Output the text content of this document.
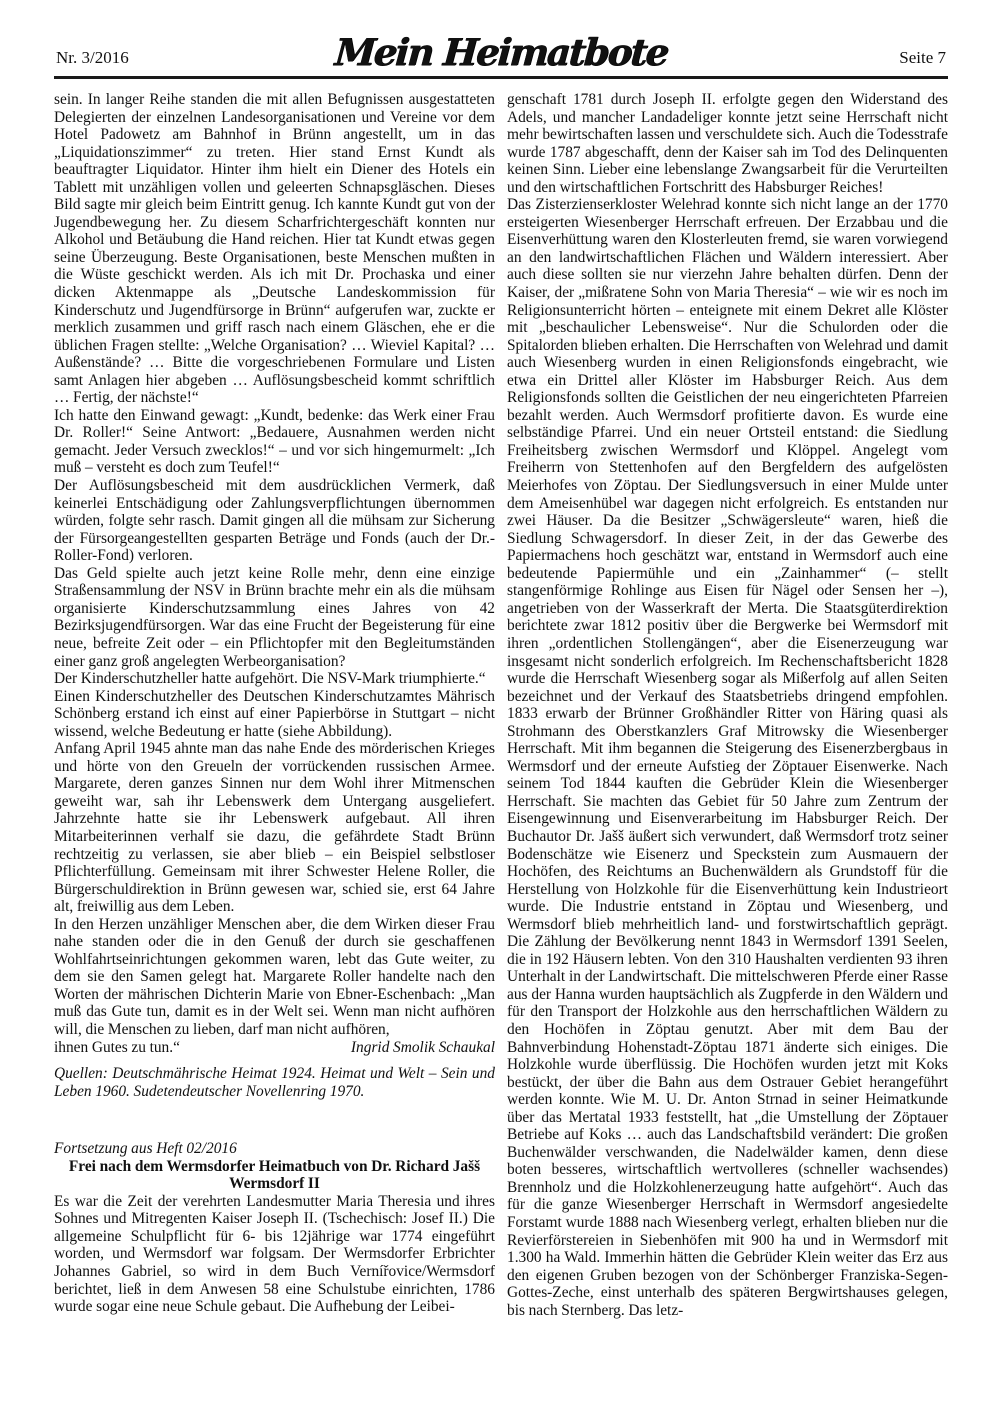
Nr. 3/2016	Mein Heimatbote	Seite 7

sein. In langer Reihe standen die mit allen Befugnissen ausgestatteten Delegierten der einzelnen Landesorganisationen und Vereine vor dem Hotel Padowetz am Bahnhof in Brünn angestellt, um in das „Liquidationszimmer“ zu treten. Hier stand Ernst Kundt als beauftragter Liquidator. Hinter ihm hielt ein Diener des Hotels ein Tablett mit unzähligen vollen und geleerten Schnapsgläschen. Dieses Bild sagte mir gleich beim Eintritt genug. Ich kannte Kundt gut von der Jugendbewegung her. Zu diesem Scharfrichtergeschäft konnten nur Alkohol und Betäubung die Hand reichen. Hier tat Kundt etwas gegen seine Überzeugung. Beste Organisationen, beste Menschen mußten in die Wüste geschickt werden. Als ich mit Dr. Prochaska und einer dicken Aktenmappe als „Deutsche Landeskommission für Kinderschutz und Jugendfürsorge in Brünn“ aufgerufen war, zuckte er merklich zusammen und griff rasch nach einem Gläschen, ehe er die üblichen Fragen stellte: „Welche Organisation? … Wieviel Kapital? … Außenstände? … Bitte die vorgeschriebenen Formulare und Listen samt Anlagen hier abgeben … Auflösungsbescheid kommt schriftlich … Fertig, der nächste!“

Ich hatte den Einwand gewagt: „Kundt, bedenke: das Werk einer Frau Dr. Roller!“ Seine Antwort: „Bedauere, Ausnahmen werden nicht gemacht. Jeder Versuch zwecklos!“ – und vor sich hingemurmelt: „Ich muß – versteht es doch zum Teufel!“

Der Auflösungsbescheid mit dem ausdrücklichen Vermerk, daß keinerlei Entschädigung oder Zahlungsverpflichtungen übernommen würden, folgte sehr rasch. Damit gingen all die mühsam zur Sicherung der Fürsorgeangestellten gesparten Beträge und Fonds (auch der Dr.-Roller-Fond) verloren.

Das Geld spielte auch jetzt keine Rolle mehr, denn eine einzige Straßensammlung der NSV in Brünn brachte mehr ein als die mühsam organisierte Kinderschutzsammlung eines Jahres von 42 Bezirksjugendfürsorgen. War das eine Frucht der Begeisterung für eine neue, befreite Zeit oder – ein Pflichtopfer mit den Begleitumständen einer ganz groß angelegten Werbeorganisation?

Der Kinderschutzheller hatte aufgehört. Die NSV-Mark triumphierte.“

Einen Kinderschutzheller des Deutschen Kinderschutzamtes Mährisch Schönberg erstand ich einst auf einer Papierbörse in Stuttgart – nicht wissend, welche Bedeutung er hatte (siehe Abbildung).

Anfang April 1945 ahnte man das nahe Ende des mörderischen Krieges und hörte von den Greueln der vorrückenden russischen Armee. Margarete, deren ganzes Sinnen nur dem Wohl ihrer Mitmenschen geweiht war, sah ihr Lebenswerk dem Untergang ausgeliefert. Jahrzehnte hatte sie ihr Lebenswerk aufgebaut. All ihren Mitarbeiterinnen verhalf sie dazu, die gefährdete Stadt Brünn rechtzeitig zu verlassen, sie aber blieb – ein Beispiel selbstloser Pflichterfüllung. Gemeinsam mit ihrer Schwester Helene Roller, die Bürgerschuldirektion in Brünn gewesen war, schied sie, erst 64 Jahre alt, freiwillig aus dem Leben.

In den Herzen unzähliger Menschen aber, die dem Wirken dieser Frau nahe standen oder die in den Genuß der durch sie geschaffenen Wohlfahrtseinrichtungen gekommen waren, lebt das Gute weiter, zu dem sie den Samen gelegt hat. Margarete Roller handelte nach den Worten der mährischen Dichterin Marie von Ebner-Eschenbach: „Man muß das Gute tun, damit es in der Welt sei. Wenn man nicht aufhören will, die Menschen zu lieben, darf man nicht aufhören,

ihnen Gutes zu tun.“	Ingrid Smolik Schaukal

Quellen: Deutschmährische Heimat 1924. Heimat und Welt – Sein und Leben 1960. Sudetendeutscher Novellenring 1970.

Fortsetzung aus Heft 02/2016

Frei nach dem Wermsdorfer Heimatbuch von Dr. Richard Jašš

Wermsdorf II

Es war die Zeit der verehrten Landesmutter Maria Theresia und ihres Sohnes und Mitregenten Kaiser Joseph II. (Tschechisch: Josef II.) Die allgemeine Schulpflicht für 6- bis 12jährige war 1774 eingeführt worden, und Wermsdorf war folgsam. Der Wermsdorfer Erbrichter Johannes Gabriel, so wird in dem Buch Vernířovice/Wermsdorf berichtet, ließ in dem Anwesen 58 eine Schulstube einrichten, 1786 wurde sogar eine neue Schule gebaut. Die Aufhebung der Leibei-

genschaft 1781 durch Joseph II. erfolgte gegen den Widerstand des Adels, und mancher Landadeliger konnte jetzt seine Herrschaft nicht mehr bewirtschaften lassen und verschuldete sich. Auch die Todesstrafe wurde 1787 abgeschafft, denn der Kaiser sah im Tod des Delinquenten keinen Sinn. Lieber eine lebenslange Zwangsarbeit für die Verurteilten und den wirtschaftlichen Fortschritt des Habsburger Reiches!

Das Zisterzienserkloster Welehrad konnte sich nicht lange an der 1770 ersteigerten Wiesenberger Herrschaft erfreuen. Der Erzabbau und die Eisenverhüttung waren den Klosterleuten fremd, sie waren vorwiegend an den landwirtschaftlichen Flächen und Wäldern interessiert. Aber auch diese sollten sie nur vierzehn Jahre behalten dürfen. Denn der Kaiser, der „mißratene Sohn von Maria Theresia“ – wie wir es noch im Religionsunterricht hörten – enteignete mit einem Dekret alle Klöster mit „beschaulicher Lebensweise“. Nur die Schulorden oder die Spitalorden blieben erhalten. Die Herrschaften von Welehrad und damit auch Wiesenberg wurden in einen Religionsfonds eingebracht, wie etwa ein Drittel aller Klöster im Habsburger Reich. Aus dem Religionsfonds sollten die Geistlichen der neu eingerichteten Pfarreien bezahlt werden. Auch Wermsdorf profitierte davon. Es wurde eine selbständige Pfarrei. Und ein neuer Ortsteil entstand: die Siedlung Freiheitsberg zwischen Wermsdorf und Klöppel. Angelegt vom Freiherrn von Stettenhofen auf den Bergfeldern des aufgelösten Meierhofes von Zöptau. Der Siedlungsversuch in einer Mulde unter dem Ameisenhübel war dagegen nicht erfolgreich. Es entstanden nur zwei Häuser. Da die Besitzer „Schwägersleute“ waren, hieß die Siedlung Schwagersdorf. In dieser Zeit, in der das Gewerbe des Papiermachens hoch geschätzt war, entstand in Wermsdorf auch eine bedeutende Papiermühle und ein „Zainhammer“ (– stellt stangenförmige Rohlinge aus Eisen für Nägel oder Sensen her –), angetrieben von der Wasserkraft der Merta. Die Staatsgüterdirektion berichtete zwar 1812 positiv über die Bergwerke bei Wermsdorf mit ihren „ordentlichen Stollengängen“, aber die Eisenerzeugung war insgesamt nicht sonderlich erfolgreich. Im Rechenschaftsbericht 1828 wurde die Herrschaft Wiesenberg sogar als Mißerfolg auf allen Seiten bezeichnet und der Verkauf des Staatsbetriebs dringend empfohlen. 1833 erwarb der Brünner Großhändler Ritter von Häring quasi als Strohmann des Oberstkanzlers Graf Mitrowsky die Wiesenberger Herrschaft. Mit ihm begannen die Steigerung des Eisenerzbergbaus in Wermsdorf und der erneute Aufstieg der Zöptauer Eisenwerke. Nach seinem Tod 1844 kauften die Gebrüder Klein die Wiesenberger Herrschaft. Sie machten das Gebiet für 50 Jahre zum Zentrum der Eisengewinnung und Eisenverarbeitung im Habsburger Reich. Der Buchautor Dr. Jašš äußert sich verwundert, daß Wermsdorf trotz seiner Bodenschätze wie Eisenerz und Speckstein zum Ausmauern der Hochöfen, des Reichtums an Buchenwäldern als Grundstoff für die Herstellung von Holzkohle für die Eisenverhüttung kein Industrieort wurde. Die Industrie entstand in Zöptau und Wiesenberg, und Wermsdorf blieb mehrheitlich land- und forstwirtschaftlich geprägt. Die Zählung der Bevölkerung nennt 1843 in Wermsdorf 1391 Seelen, die in 192 Häusern lebten. Von den 310 Haushalten verdienten 93 ihren Unterhalt in der Landwirtschaft. Die mittelschweren Pferde einer Rasse aus der Hanna wurden hauptsächlich als Zugpferde in den Wäldern und für den Transport der Holzkohle aus den herrschaftlichen Wäldern zu den Hochöfen in Zöptau genutzt. Aber mit dem Bau der Bahnverbindung Hohenstadt-Zöptau 1871 änderte sich einiges. Die Holzkohle wurde überflüssig. Die Hochöfen wurden jetzt mit Koks bestückt, der über die Bahn aus dem Ostrauer Gebiet herangeführt werden konnte. Wie M. U. Dr. Anton Strnad in seiner Heimatkunde über das Mertatal 1933 feststellt, hat „die Umstellung der Zöptauer Betriebe auf Koks … auch das Landschaftsbild verändert: Die großen Buchenwälder verschwanden, die Nadelwälder kamen, denn diese boten besseres, wirtschaftlich wertvolleres (schneller wachsendes) Brennholz und die Holzkohlenerzeugung hatte aufgehört“. Auch das für die ganze Wiesenberger Herrschaft in Wermsdorf angesiedelte Forstamt wurde 1888 nach Wiesenberg verlegt, erhalten blieben nur die Revierförstereien in Siebenhöfen mit 900 ha und in Wermsdorf mit 1.300 ha Wald. Immerhin hätten die Gebrüder Klein weiter das Erz aus den eigenen Gruben bezogen von der Schönberger Franziska-Segen-Gottes-Zeche, einst unterhalb des späteren Bergwirtshauses gelegen, bis nach Sternberg. Das letz-
